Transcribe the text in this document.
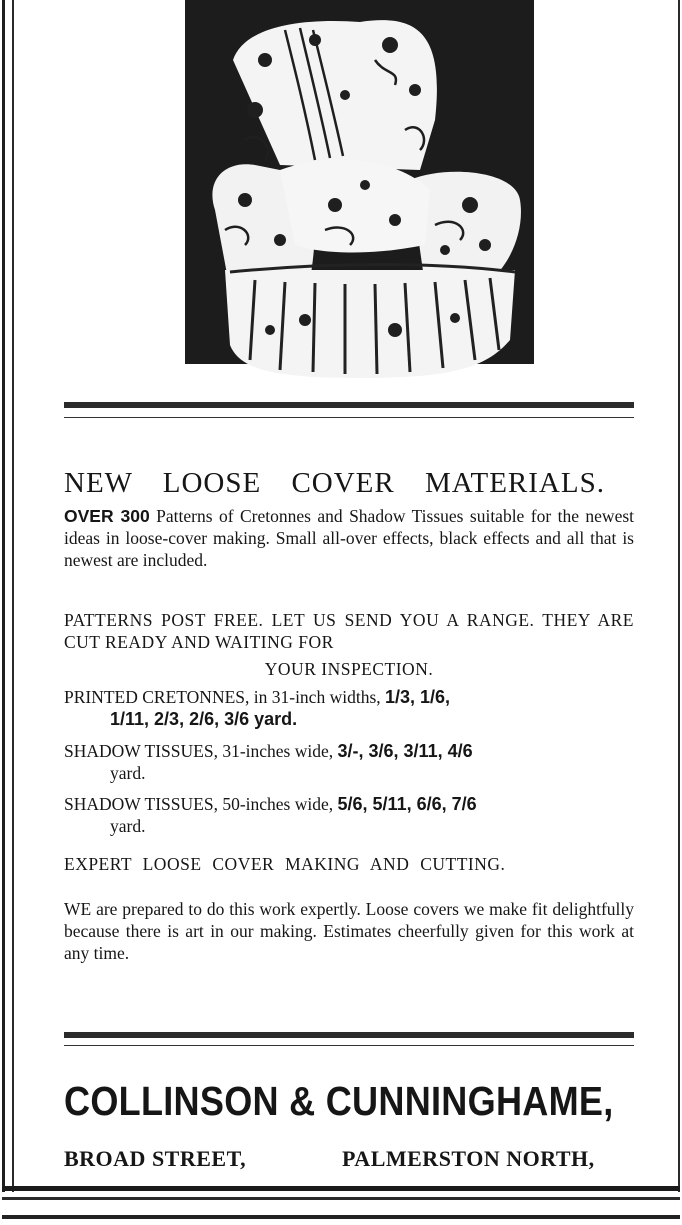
NEW LOOSE COVER MATERIALS.
OVER 300 Patterns of Cretonnes and Shadow Tissues suitable for the newest ideas in loose-cover making. Small all-over effects, black effects and all that is newest are included.
PATTERNS POST FREE. LET US SEND YOU A RANGE. THEY ARE CUT READY AND WAITING FOR
YOUR INSPECTION.
PRINTED CRETONNES, in 31-inch widths, 1/3, 1/6,
1/11, 2/3, 2/6, 3/6 yard.
SHADOW TISSUES, 31-inches wide, 3/-, 3/6, 3/11, 4/6
yard.
SHADOW TISSUES, 50-inches wide, 5/6, 5/11, 6/6, 7/6
yard.
EXPERT LOOSE COVER MAKING AND CUTTING.
WE are prepared to do this work expertly. Loose covers we make fit delightfully because there is art in our making. Estimates cheerfully given for this work at any time.
COLLINSON & CUNNINGHAME,
BROAD STREET,	PALMERSTON NORTH,
